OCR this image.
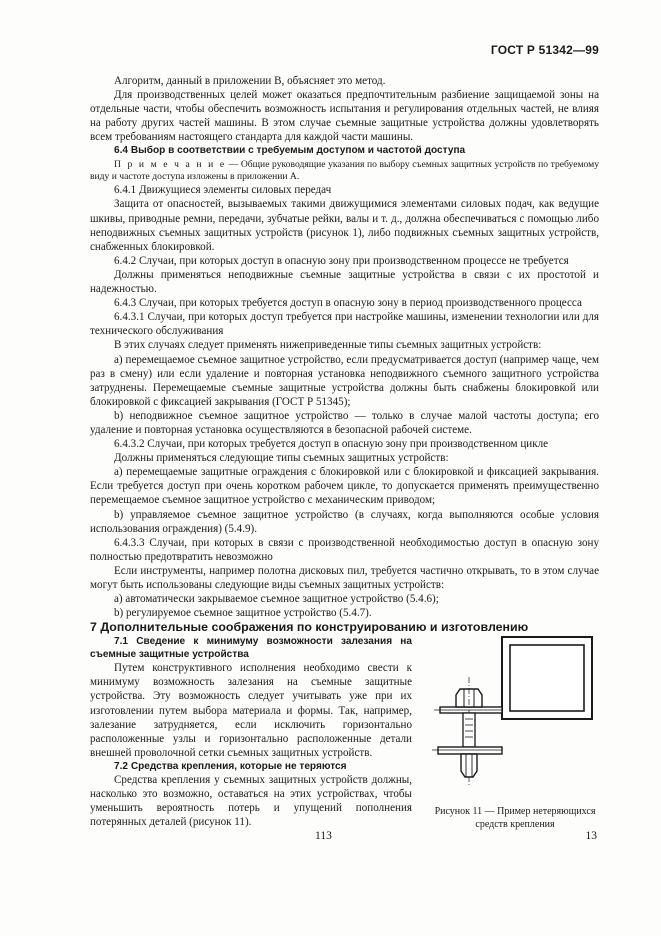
ГОСТ Р 51342—99

Алгоритм, данный в приложении В, объясняет это метод.

Для производственных целей может оказаться предпочтительным разбиение защищаемой зоны на отдельные части, чтобы обеспечить возможность испытания и регулирования отдельных частей, не влияя на работу других частей машины. В этом случае съемные защитные устройства должны удовлетворять всем требованиям настоящего стандарта для каждой части машины.

6.4 Выбор в соответствии с требуемым доступом и частотой доступа

П р и м е ч а н и е — Общие руководящие указания по выбору съемных защитных устройств по требуемому виду и частоте доступа изложены в приложении А.

6.4.1 Движущиеся элементы силовых передач

Защита от опасностей, вызываемых такими движущимися элементами силовых подач, как ведущие шкивы, приводные ремни, передачи, зубчатые рейки, валы и т. д., должна обеспечиваться с помощью либо неподвижных съемных защитных устройств (рисунок 1), либо подвижных съемных защитных устройств, снабженных блокировкой.

6.4.2 Случаи, при которых доступ в опасную зону при производственном процессе не требуется

Должны применяться неподвижные съемные защитные устройства в связи с их простотой и надежностью.

6.4.3 Случаи, при которых требуется доступ в опасную зону в период производственного процесса

6.4.3.1 Случаи, при которых доступ требуется при настройке машины, изменении технологии или для технического обслуживания

В этих случаях следует применять нижеприведенные типы съемных защитных устройств:

а) перемещаемое съемное защитное устройство, если предусматривается доступ (например чаще, чем раз в смену) или если удаление и повторная установка неподвижного съемного защитного устройства затруднены. Перемещаемые съемные защитные устройства должны быть снабжены блокировкой или блокировкой с фиксацией закрывания (ГОСТ Р 51345);

b) неподвижное съемное защитное устройство — только в случае малой частоты доступа; его удаление и повторная установка осуществляются в безопасной рабочей системе.

6.4.3.2 Случаи, при которых требуется доступ в опасную зону при производственном цикле

Должны применяться следующие типы съемных защитных устройств:

а) перемещаемые защитные ограждения с блокировкой или с блокировкой и фиксацией закрывания. Если требуется доступ при очень коротком рабочем цикле, то допускается применять преимущественно перемещаемое съемное защитное устройство с механическим приводом;

b) управляемое съемное защитное устройство (в случаях, когда выполняются особые условия использования ограждения) (5.4.9).

6.4.3.3 Случаи, при которых в связи с производственной необходимостью доступ в опасную зону полностью предотвратить невозможно

Если инструменты, например полотна дисковых пил, требуется частично открывать, то в этом случае могут быть использованы следующие виды съемных защитных устройств:

а) автоматически закрываемое съемное защитное устройство (5.4.6);

b) регулируемое съемное защитное устройство (5.4.7).

7 Дополнительные соображения по конструированию и изготовлению

7.1 Сведение к минимуму возможности залезания на съемные защитные устройства

Путем конструктивного исполнения необходимо свести к минимуму возможность залезания на съемные защитные устройства. Эту возможность следует учитывать уже при их изготовлении путем выбора материала и формы. Так, например, залезание затрудняется, если исключить горизонтально расположенные узлы и горизонтально расположенные детали внешней проволочной сетки съемных защитных устройств.

7.2 Средства крепления, которые не теряются

Средства крепления у съемных защитных устройств должны, насколько это возможно, оставаться на этих устройствах, чтобы уменьшить вероятность потерь и упущений пополнения потерянных деталей (рисунок 11).

Рисунок 11 — Пример нетеряющихся средств крепления
113	13
